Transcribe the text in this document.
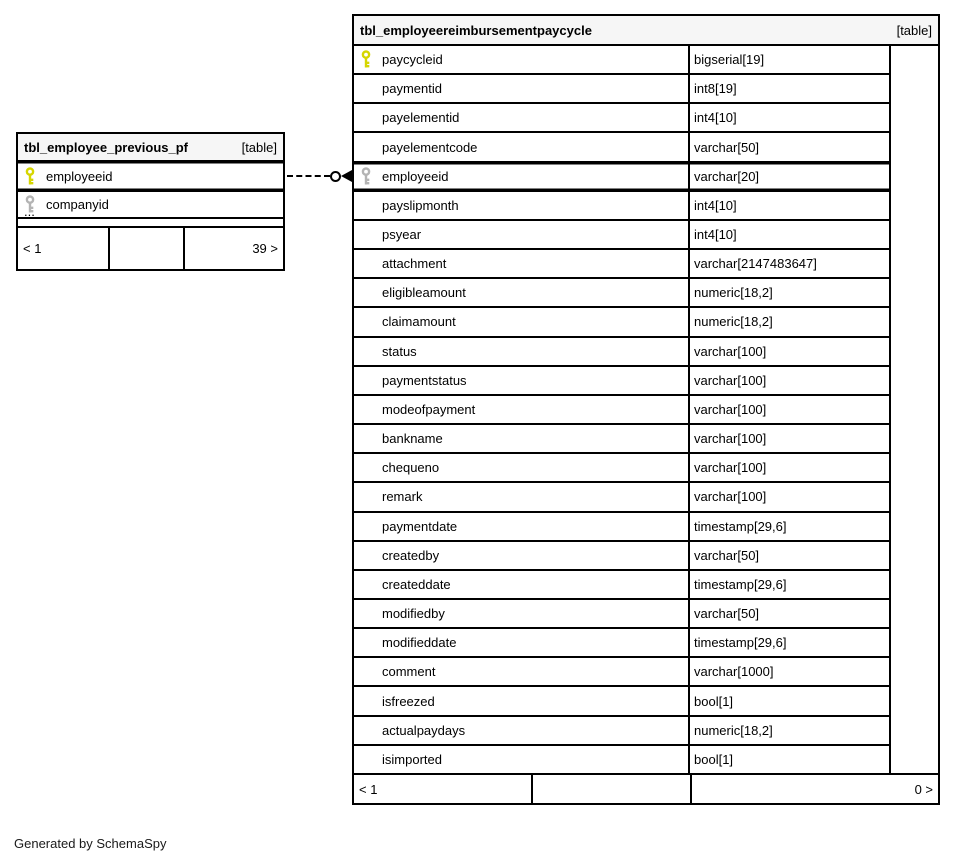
tbl_employeereimbursementpaycycle	[table]
paycycleid	bigserial[19]
paymentid	int8[19]
payelementid	int4[10]
payelementcode	varchar[50]
employeeid	varchar[20]
payslipmonth	int4[10]
psyear	int4[10]
attachment	varchar[2147483647]
eligibleamount	numeric[18,2]
claimamount	numeric[18,2]
status	varchar[100]
paymentstatus	varchar[100]
modeofpayment	varchar[100]
bankname	varchar[100]
chequeno	varchar[100]
remark	varchar[100]
paymentdate	timestamp[29,6]
createdby	varchar[50]
createddate	timestamp[29,6]
modifiedby	varchar[50]
modifieddate	timestamp[29,6]
comment	varchar[1000]
isfreezed	bool[1]
actualpaydays	numeric[18,2]
isimported	bool[1]
< 1	0 >
tbl_employee_previous_pf	[table]
employeeid
companyid
...
< 1	39 >
Generated by SchemaSpy
